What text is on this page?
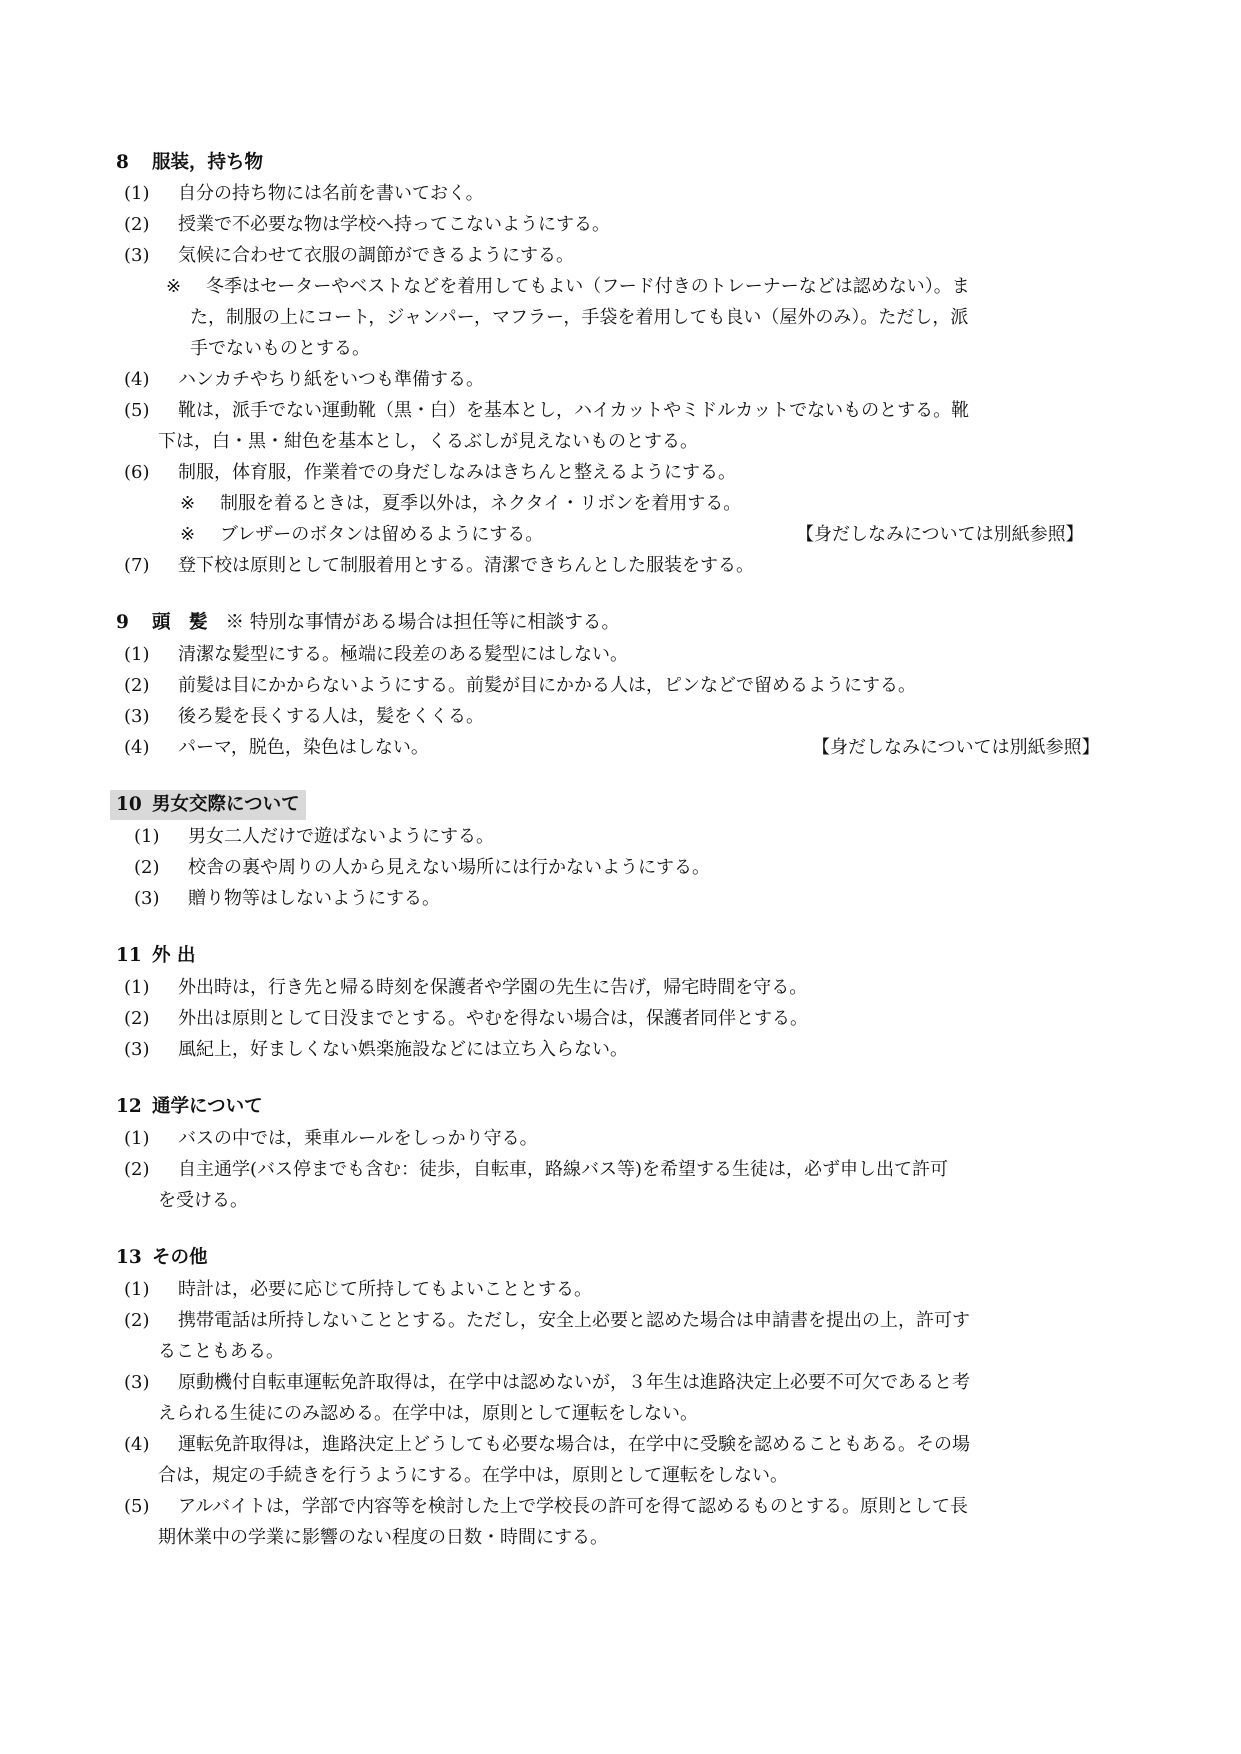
8 服装，持ち物
(1) 自分の持ち物には名前を書いておく。
(2) 授業で不必要な物は学校へ持ってこないようにする。
(3) 気候に合わせて衣服の調節ができるようにする。
※ 冬季はセーターやベストなどを着用してもよい（フード付きのトレーナーなどは認めない）。ま
た，制服の上にコート，ジャンパー，マフラー，手袋を着用しても良い（屋外のみ）。ただし，派
手でないものとする。
(4) ハンカチやちり紙をいつも準備する。
(5) 靴は，派手でない運動靴（黒・白）を基本とし，ハイカットやミドルカットでないものとする。靴
下は，白・黒・紺色を基本とし，くるぶしが見えないものとする。
(6) 制服，体育服，作業着での身だしなみはきちんと整えるようにする。
※ 制服を着るときは，夏季以外は，ネクタイ・リボンを着用する。
※ ブレザーのボタンは留めるようにする。	【身だしなみについては別紙参照】
(7) 登下校は原則として制服着用とする。清潔できちんとした服装をする。
9 頭　髪 ※ 特別な事情がある場合は担任等に相談する。
(1) 清潔な髪型にする。極端に段差のある髪型にはしない。
(2) 前髪は目にかからないようにする。前髪が目にかかる人は，ピンなどで留めるようにする。
(3) 後ろ髪を長くする人は，髪をくくる。
(4) パーマ，脱色，染色はしない。	【身だしなみについては別紙参照】
10 男女交際について
(1) 男女二人だけで遊ばないようにする。
(2) 校舎の裏や周りの人から見えない場所には行かないようにする。
(3) 贈り物等はしないようにする。
11 外 出
(1) 外出時は，行き先と帰る時刻を保護者や学園の先生に告げ，帰宅時間を守る。
(2) 外出は原則として日没までとする。やむを得ない場合は，保護者同伴とする。
(3) 風紀上，好ましくない娯楽施設などには立ち入らない。
12 通学について
(1) バスの中では，乗車ルールをしっかり守る。
(2) 自主通学(バス停までも含む：徒歩，自転車，路線バス等)を希望する生徒は，必ず申し出て許可
を受ける。
13 その他
(1) 時計は，必要に応じて所持してもよいこととする。
(2) 携帯電話は所持しないこととする。ただし，安全上必要と認めた場合は申請書を提出の上，許可す
ることもある。
(3) 原動機付自転車運転免許取得は，在学中は認めないが，３年生は進路決定上必要不可欠であると考
えられる生徒にのみ認める。在学中は，原則として運転をしない。
(4) 運転免許取得は，進路決定上どうしても必要な場合は，在学中に受験を認めることもある。その場
合は，規定の手続きを行うようにする。在学中は，原則として運転をしない。
(5) アルバイトは，学部で内容等を検討した上で学校長の許可を得て認めるものとする。原則として長
期休業中の学業に影響のない程度の日数・時間にする。
